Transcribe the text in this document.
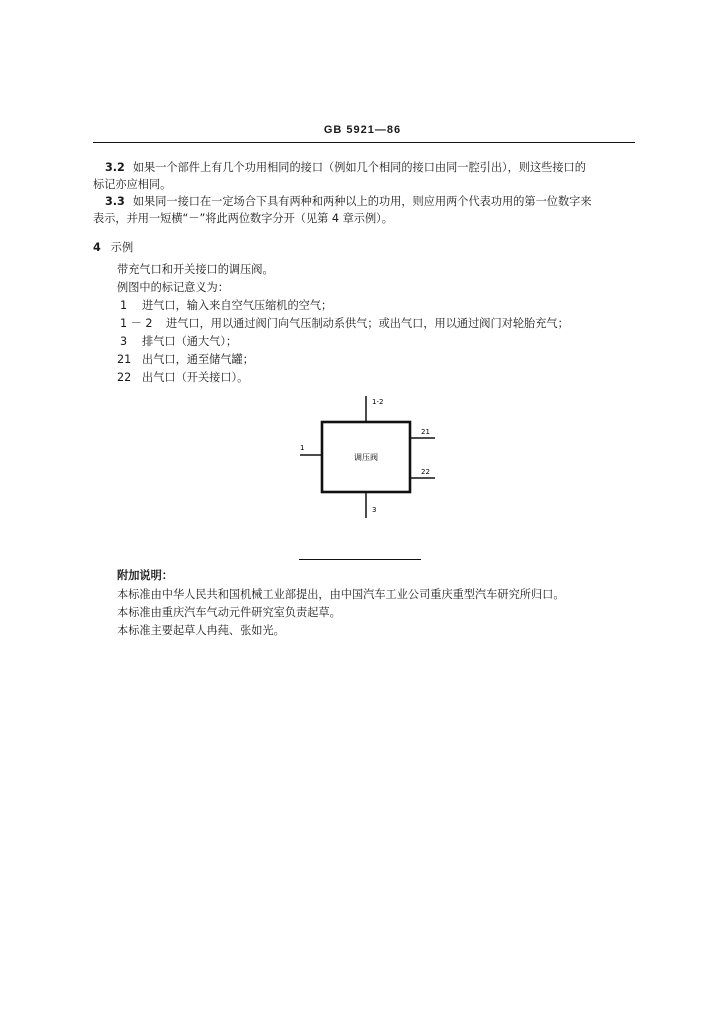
GB 5921—86
3.2 如果一个部件上有几个功用相同的接口（例如几个相同的接口由同一腔引出），则这些接口的
标记亦应相同。
3.3 如果同一接口在一定场合下具有两种和两种以上的功用，则应用两个代表功用的第一位数字来
表示，并用一短横“－”将此两位数字分开（见第 4 章示例）。
4 示例
带充气口和开关接口的调压阀。
例图中的标记意义为：
1 进气口，输入来自空气压缩机的空气；
1 － 2 进气口，用以通过阀门向气压制动系供气；或出气口，用以通过阀门对轮胎充气；
3 排气口（通大气）；
21 出气口，通至储气罐；
22 出气口（开关接口）。
调压阀
1-2
1
21
22
3
附加说明：
本标准由中华人民共和国机械工业部提出，由中国汽车工业公司重庆重型汽车研究所归口。
本标准由重庆汽车气动元件研究室负责起草。
本标准主要起草人冉莼、张如光。
